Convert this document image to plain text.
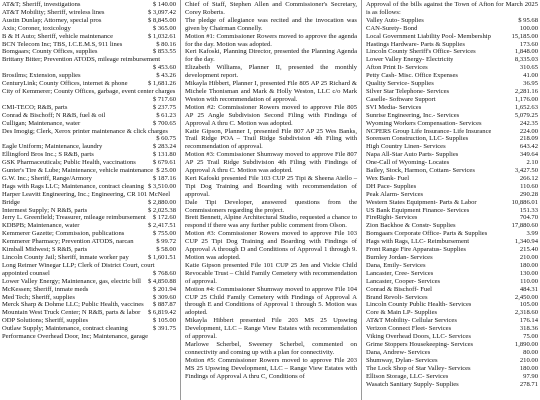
AT&T; Sheriff, investigations	$ 140.00
AT&T Mobility; Sheriff, wireless lines	$ 3,097.42
Austin Dunlap; Attorney, special pros	$ 8,845.00
Axis; Coroner, toxicology	$ 365.00
B & H Auto; Sheriff, vehicle maintenance	$ 1,032.61
BCN Telecom Inc; TBS, I.C.E.M.S, 911 lines	$ 80.16
Bomgaars; County Offices, supplies	$ 853.55
Brittany Bitter; Prevention ATODS, mileage reimbursement
$ 453.60
Brosilms; Extension, supplies	$ 43.26
CenturyLink; County Offices, internet & phone	$ 1,681.26
City of Kemmerer; County Offices, garbage, event center charges
$ 717.60
CMI-TECO; R&B, parts	$ 237.75
Conrad & Bischoff; N R&B, fuel & oil	$ 61.23
Culligan; Maintenance, water	$ 700.65
Des Imogig; Clerk, Xerox printer maintenance & click charges
$ 60.75
Eagle Uniform; Maintenance, laundry	$ 283.24
Ellingford Bros Inc.; S R&B, parts	$ 131.80
GSK Pharmaceuticals; Public Health, vaccinations	$ 679.61
Gunter's Tire & Lube; Maintenance, vehicle maintenance $ 25.00
G.W. Inc.; Sheriff, Range/Armory	$ 187.16
Hags with Rags LLC; Maintenance, contract cleaning $ 3,510.00
Harper Leavitt Engineering, Inc.; Engineering, CR 101 McNeel Bridge	$ 2,880.00
Intermest Supply; N R&B, parts	$ 2,025.38
Jerry L. Greenfield; Treasurer, mileage reimbursement $ 172.60
KDBPB; Maintenance, water	$ 2,417.51
Kemmerer Gazette; Commission, publications	$ 755.00
Kemmerer Pharmacy; Prevention ATODS, narcan	$ 99.72
Kimball Midwest; S R&B, parts	$ 58.00
Lincoln County Jail; Sheriff, inmate worker pay	$ 1,601.51
Long Reimer Winegar LLP; Clerk of District Court, court appointed counsel	$ 768.60
Lower Valley Energy; Maintenance, gas, electric bill $ 4,850.88
McKessen; Sheriff, inmate meds	$ 201.94
Med Tech; Sheriff, supplies	$ 309.60
Merck Sharp & Dohme LLC; Public Health, vaccines $ 887.87
Mountain West Truck Center; N R&B, parts & labor $ 6,819.42
ODP Solutions; Sheriff, supplies	$ 105.00
Outlaw Supply; Maintenance, contract cleaning	$ 391.75
Performance Overhead Door, Inc; Maintenance, garage

Chief of Staff, Stephen Allen and Commissioner's Secretary, Corey Roberts.

The pledge of allegiance was recited and the invocation was given by Chairman Connelly.

Motion #1: Commissioner Rowers moved to approve the agenda for the day. Motion was adopted.

Keri Kafoski, Planning Director, presented the Planning Agenda for the day.

Elizabeth Williams, Planner II, presented the monthly development report.

Mikayla Hibbert, Planner I, presented File 805 AP 25 Richard & Michele Thonisman and Mark & Holly Weston, LLC c/o Mark Weston with recommendation of approval.

Motion #2: Commissioner Rowers moved to approve File 805 AP 25 Angle Subdivision Second Filing with Findings of Approval A thru C. Motion was adopted.

Katie Gipson, Planner I, presented File 807 AP 25 Wes Banks, Trail Ridge POA – Trail Ridge Subdivision 4th Filing with recommendation of approval.

Motion #3: Commissioner Shumway moved to approve File 807 AP 25 Trail Ridge Subdivision 4th Filing with Findings of Approval A thru C. Motion was adopted.

Keri Kafoski presented File 103 CUP 25 Tipi & Sheena Aiello – Tipi Dog Training and Boarding with recommendation of approval.

Dale Tipi Developer, answered questions from the Commissioners regarding the project.

Brett Bennett, Alpine Architectural Studio, requested a chance to respond if there was any further public comment from Olson.

Motion #3: Commissioner Rowers moved to approve File 103 CUP 25 Tipi Dog Training and Boarding with Findings of Approval A through D and Conditions of Approval 1 through 9. Motion was adopted.

Katie Gipson presented File 101 CUP 25 Jen and Vickie Child Revocable Trust – Child Family Cemetery with recommendation of approval.

Motion #4: Commissioner Shumway moved to approve File 104 CUP 25 Child Family Cemetery with Findings of Approval A through E and Conditions of Approval 1 through 5. Motion was adopted.

Mikayla Hibbert presented File 203 MS 25 Upswing Development, LLC – Range View Estates with recommendation of approval.

Marlowe Scherbel, Sweeney Scherbel, commented on connectivity and coming up with a plan for connectivity.

Motion #5: Commissioner Rowers moved to approve File 203 MS 25 Upswing Development, LLC – Range View Estates with Findings of Approval A thru C, Conditions of

Approval of the bills against the Town of Afton for March 2025 is as follows:

Valley Auto- Supplies	$ 95.68
CAN-Surety- Bond	100.00
Local Government Liability Pool- Membership	15,185.00
Hastings Hardware- Parts & Supplies	173.60
Lincoln County Sheriff's Office- Services	1,848.00
Lower Valley Energy- Electricity	8,335.03
Afton Print It- Services	310.65
Petty Cash- Misc. Office Expenses	41.00
Quality Service- Supplies	36.95
Silver Star Telephone- Services	2,281.16
Caselle- Software Support	1,176.00
SVI Media- Services	1,652.63
Sunrise Engineering, Inc.- Services	5,079.25
Wyoming Workers Compensation- Services	242.35
NCPERS Group Life Insurance- Life Insurance	224.00
Sorensen Construction, LLC- Supplies	218.09
High Country Linen- Services	643.42
Napa All-Star Auto Parts- Supplies	349.64
One-Call of Wyoming- Locates	2.10
Bailey, Stock, Harmon, Cottam- Services	3,427.50
Wex Bank- Fuel	266.12
DH Pace- Supplies	110.60
Peak Alarm- Services	290.28
Western States Equipment- Parts & Labor	10,886.01
US Bank Equipment Finance- Services	151.33
FireRight- Services	704.70
Zion Backhoe & Constr- Supplies	17,880.60
Bomgaars Corporate Office- Parts & Supplies	3.99
Hags with Rags, LLC- Reimbursement	1,340.94
Front Range Fire Apparatus- Supplies	215.40
Burnley Jordan- Services	210.00
Dana, Emily- Services	180.00
Lancaster, Cree- Services	130.00
Lancaster, Cooper- Services	110.00
Conrad & Bischoff- Fuel	484.31
Brand Revolt- Services	2,450.00
Lincoln County Public Health- Services	105.00
Core & Main LP- Supplies	2,318.60
AT&T Mobility- Cellular Services	176.14
Verizon Connect Fleet- Services	318.36
Viking Overhead Doors, LLC- Services	75.00
Grime Stoppers Housekeeping- Services	1,890.00
Dana, Andrew- Services	80.00
Shumway, Dylan- Services	210.00
The Lock Shop of Star Valley- Services	180.00
Ellison Storage, LLC- Services	97.90
Wasatch Sanitary Supply- Supplies	278.71
